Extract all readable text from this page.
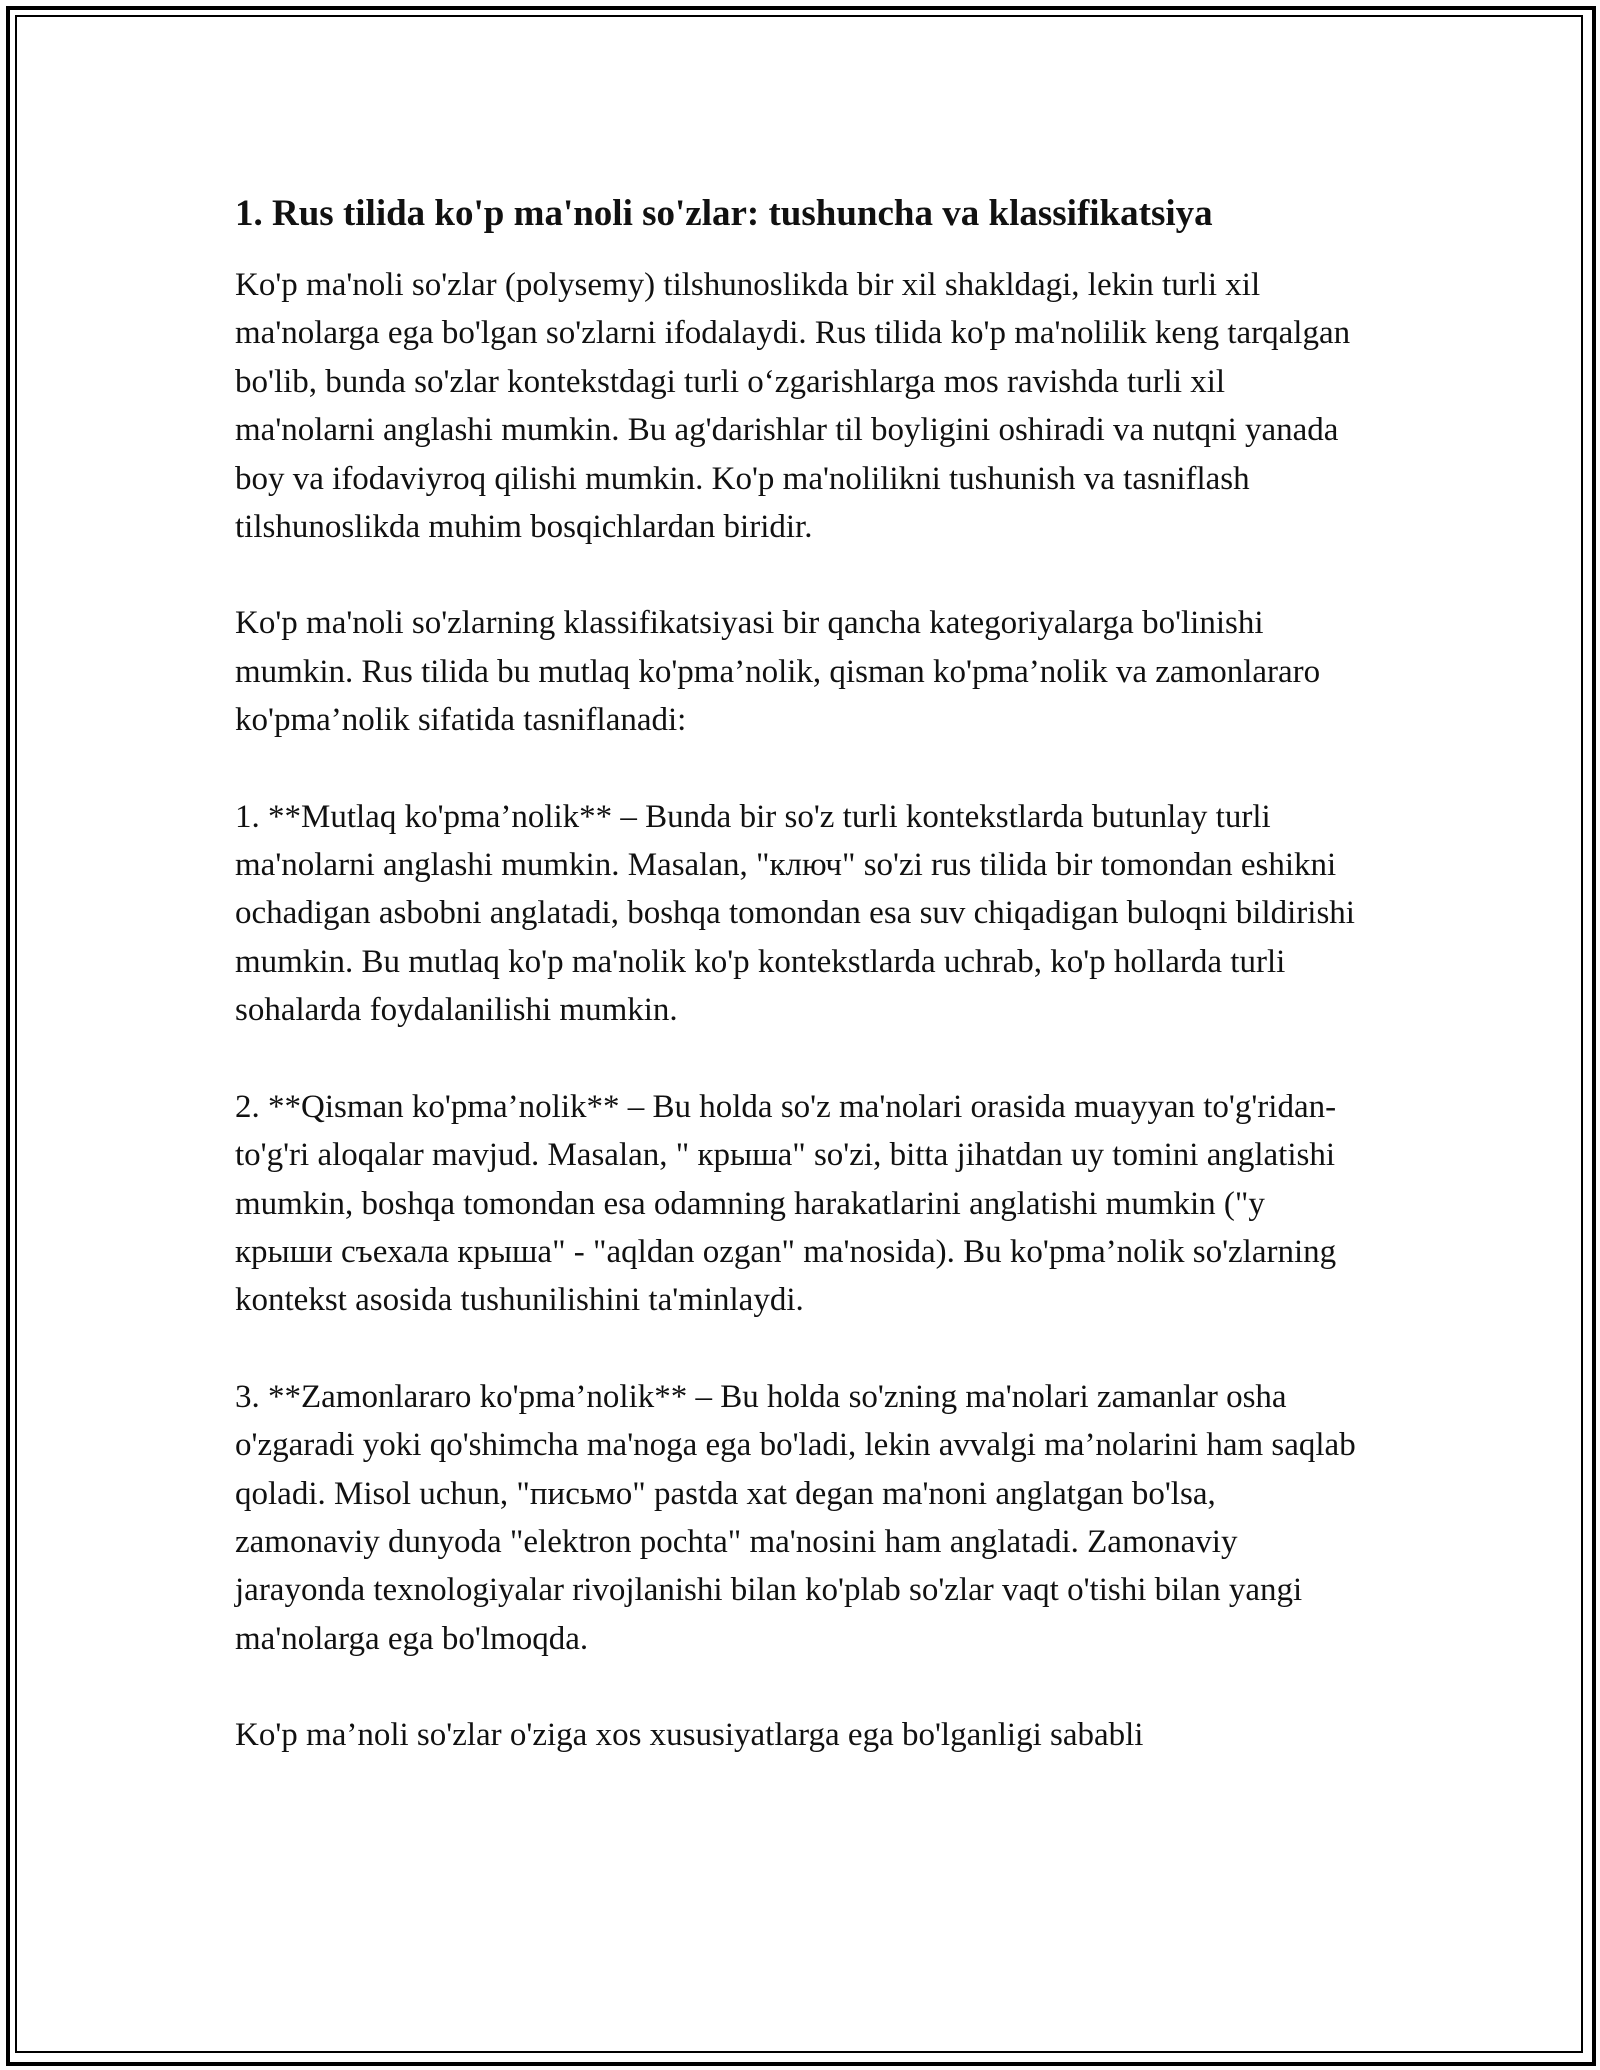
1. Rus tilida ko'p ma'noli so'zlar: tushuncha va klassifikatsiya

Ko'p ma'noli so'zlar (polysemy) tilshunoslikda bir xil shakldagi, lekin turli xil ma'nolarga ega bo'lgan so'zlarni ifodalaydi. Rus tilida ko'p ma'nolilik keng tarqalgan bo'lib, bunda so'zlar kontekstdagi turli o‘zgarishlarga mos ravishda turli xil ma'nolarni anglashi mumkin. Bu ag'darishlar til boyligini oshiradi va nutqni yanada boy va ifodaviyroq qilishi mumkin. Ko'p ma'nolilikni tushunish va tasniflash tilshunoslikda muhim bosqichlardan biridir.

Ko'p ma'noli so'zlarning klassifikatsiyasi bir qancha kategoriyalarga bo'linishi mumkin. Rus tilida bu mutlaq ko'pma’nolik, qisman ko'pma’nolik va zamonlararo ko'pma’nolik sifatida tasniflanadi:

1. **Mutlaq ko'pma’nolik** – Bunda bir so'z turli kontekstlarda butunlay turli ma'nolarni anglashi mumkin. Masalan, "ключ" so'zi rus tilida bir tomondan eshikni ochadigan asbobni anglatadi, boshqa tomondan esa suv chiqadigan buloqni bildirishi mumkin. Bu mutlaq ko'p ma'nolik ko'p kontekstlarda uchrab, ko'p hollarda turli sohalarda foydalanilishi mumkin.

2. **Qisman ko'pma’nolik** – Bu holda so'z ma'nolari orasida muayyan to'g'ridan-to'g'ri aloqalar mavjud. Masalan, " крыша" so'zi, bitta jihatdan uy tomini anglatishi mumkin, boshqa tomondan esa odamning harakatlarini anglatishi mumkin ("у крыши съехала крыша" - "aqldan ozgan" ma'nosida). Bu ko'pma’nolik so'zlarning kontekst asosida tushunilishini ta'minlaydi.

3. **Zamonlararo ko'pma’nolik** – Bu holda so'zning ma'nolari zamanlar osha o'zgaradi yoki qo'shimcha ma'noga ega bo'ladi, lekin avvalgi ma’nolarini ham saqlab qoladi. Misol uchun, "письмо" pastda xat degan ma'noni anglatgan bo'lsa, zamonaviy dunyoda "elektron pochta" ma'nosini ham anglatadi. Zamonaviy jarayonda texnologiyalar rivojlanishi bilan ko'plab so'zlar vaqt o'tishi bilan yangi ma'nolarga ega bo'lmoqda.

Ko'p ma’noli so'zlar o'ziga xos xususiyatlarga ega bo'lganligi sababli
